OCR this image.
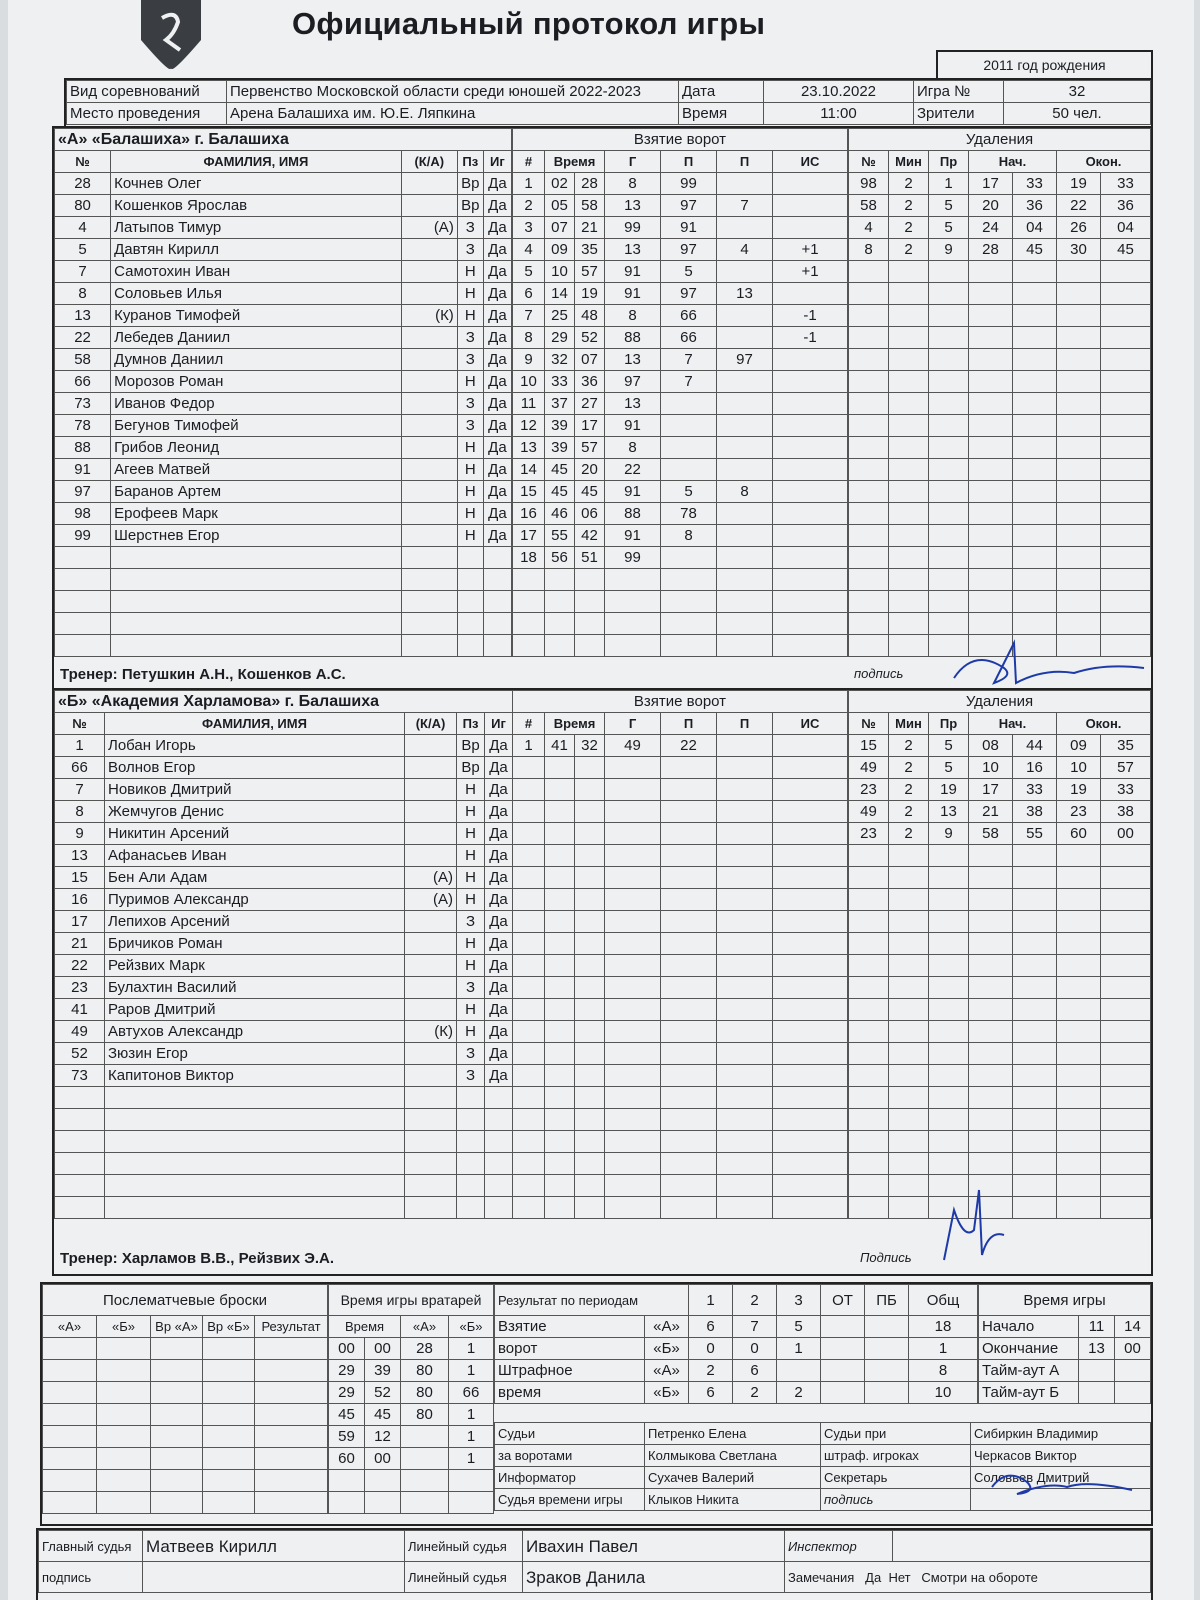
Официальный протокол игры
2011 год рождения
Вид соревнований	Первенство Московской области среди юношей 2022-2023	Дата	23.10.2022	Игра №	32
Место проведения	Арена Балашиха им. Ю.Е. Ляпкина	Время	11:00	Зрители	50 чел.
«А» «Балашиха» г. Балашиха				
№	ФАМИЛИЯ, ИМЯ	(К/А)	Пз	Иг
28	Кочнев Олег		Вр	Да
80	Кошенков Ярослав		Вр	Да
4	Латыпов Тимур	(А)	З	Да
5	Давтян Кирилл		З	Да
7	Самотохин Иван		Н	Да
8	Соловьев Илья		Н	Да
13	Куранов Тимофей	(К)	Н	Да
22	Лебедев Даниил		З	Да
58	Думнов Даниил		З	Да
66	Морозов Роман		Н	Да
73	Иванов Федор		З	Да
78	Бегунов Тимофей		З	Да
88	Грибов Леонид		Н	Да
91	Агеев Матвей		Н	Да
97	Баранов Артем		Н	Да
98	Ерофеев Марк		Н	Да
99	Шерстнев Егор		Н	Да

Взятие ворот						
#	Время		Г	П	П	ИС
1	02	28	8	99		
2	05	58	13	97	7	
3	07	21	99	91		
4	09	35	13	97	4	+1
5	10	57	91	5		+1
6	14	19	91	97	13	
7	25	48	8	66		-1
8	29	52	88	66		-1
9	32	07	13	7	97	
10	33	36	97	7		
11	37	27	13			
12	39	17	91			
13	39	57	8			
14	45	20	22			
15	45	45	91	5	8	
16	46	06	88	78		
17	55	42	91	8		
18	56	51	99			

Удаления						
№	Мин	Пр	Нач.		Окон.	
98	2	1	17	33	19	33
58	2	5	20	36	22	36
4	2	5	24	04	26	04
8	2	9	28	45	30	45

Тренер: Петушкин А.Н., Кошенков А.С.	подпись
«Б» «Академия Харламова» г. Балашиха				
№	ФАМИЛИЯ, ИМЯ	(К/А)	Пз	Иг
1	Лобан Игорь		Вр	Да
66	Волнов Егор		Вр	Да
7	Новиков Дмитрий		Н	Да
8	Жемчугов Денис		Н	Да
9	Никитин Арсений		Н	Да
13	Афанасьев Иван		Н	Да
15	Бен Али Адам	(А)	Н	Да
16	Пуримов Александр	(А)	Н	Да
17	Лепихов Арсений		З	Да
21	Бричиков Роман		Н	Да
22	Рейзвих Марк		Н	Да
23	Булахтин Василий		З	Да
41	Раров Дмитрий		Н	Да
49	Автухов Александр	(К)	Н	Да
52	Зюзин Егор		З	Да
73	Капитонов Виктор		З	Да

Взятие ворот						
#	Время		Г	П	П	ИС
1	41	32	49	22		

Удаления						
№	Мин	Пр	Нач.		Окон.	
15	2	5	08	44	09	35
49	2	5	10	16	10	57
23	2	19	17	33	19	33
49	2	13	21	38	23	38
23	2	9	58	55	60	00

Тренер: Харламов В.В., Рейзвих Э.А.	Подпись
Послематчевые броски				
«А»	«Б»	Вр «А»	Вр «Б»	Результат

Время игры вратарей			
Время		«А»	«Б»
00	00	28	1
29	39	80	1
29	52	80	66
45	45	80	1
59	12		1
60	00		1

Результат по периодам		1	2	3	ОТ	ПБ	Общ
Взятие	«А»	6	7	5			18
ворот	«Б»	0	0	1			1
Штрафное	«А»	2	6				8
время	«Б»	6	2	2			10
Время игры		
Начало	11	14
Окончание	13	00
Тайм-аут А		
Тайм-аут Б		
Судьи	Петренко Елена	Судьи при	Сибиркин Владимир
за воротами	Колмыкова Светлана	штраф. игроках	Черкасов Виктор
Информатор	Сухачев Валерий	Секретарь	Соловьев Дмитрий
Судья времени игры	Клыков Никита	подпись	
Главный судья	Матвеев Кирилл	Линейный судья	Ивахин Павел	Инспектор	
подпись		Линейный судья	Зраков Данила	Замечания Да Нет Смотри на обороте	
